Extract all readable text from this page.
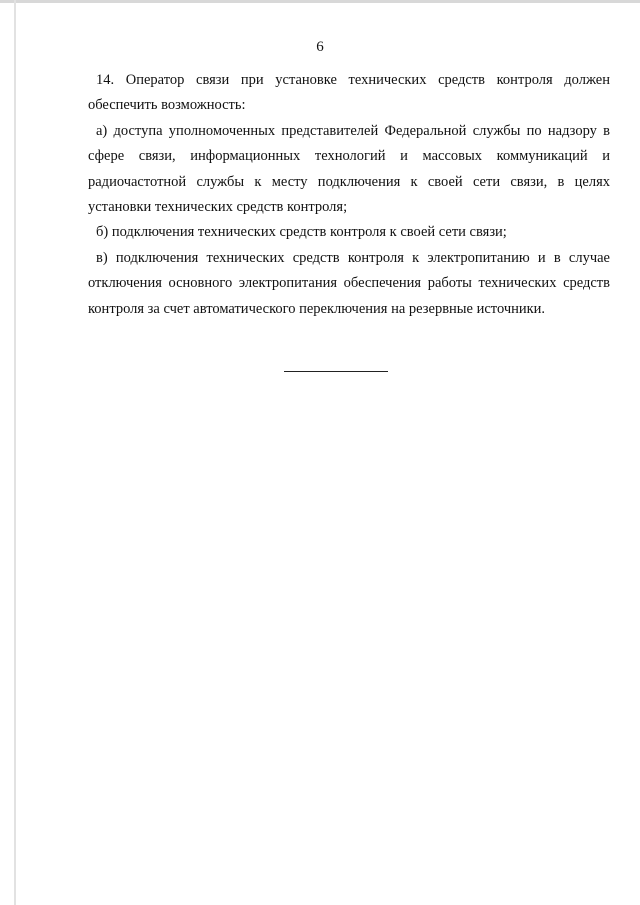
6

14. Оператор связи при установке технических средств контроля должен обеспечить возможность:

а) доступа уполномоченных представителей Федеральной службы по надзору в сфере связи, информационных технологий и массовых коммуникаций и радиочастотной службы к месту подключения к своей сети связи, в целях установки технических средств контроля;

б) подключения технических средств контроля к своей сети связи;

в) подключения технических средств контроля к электропитанию и в случае отключения основного электропитания обеспечения работы технических средств контроля за счет автоматического переключения на резервные источники.
